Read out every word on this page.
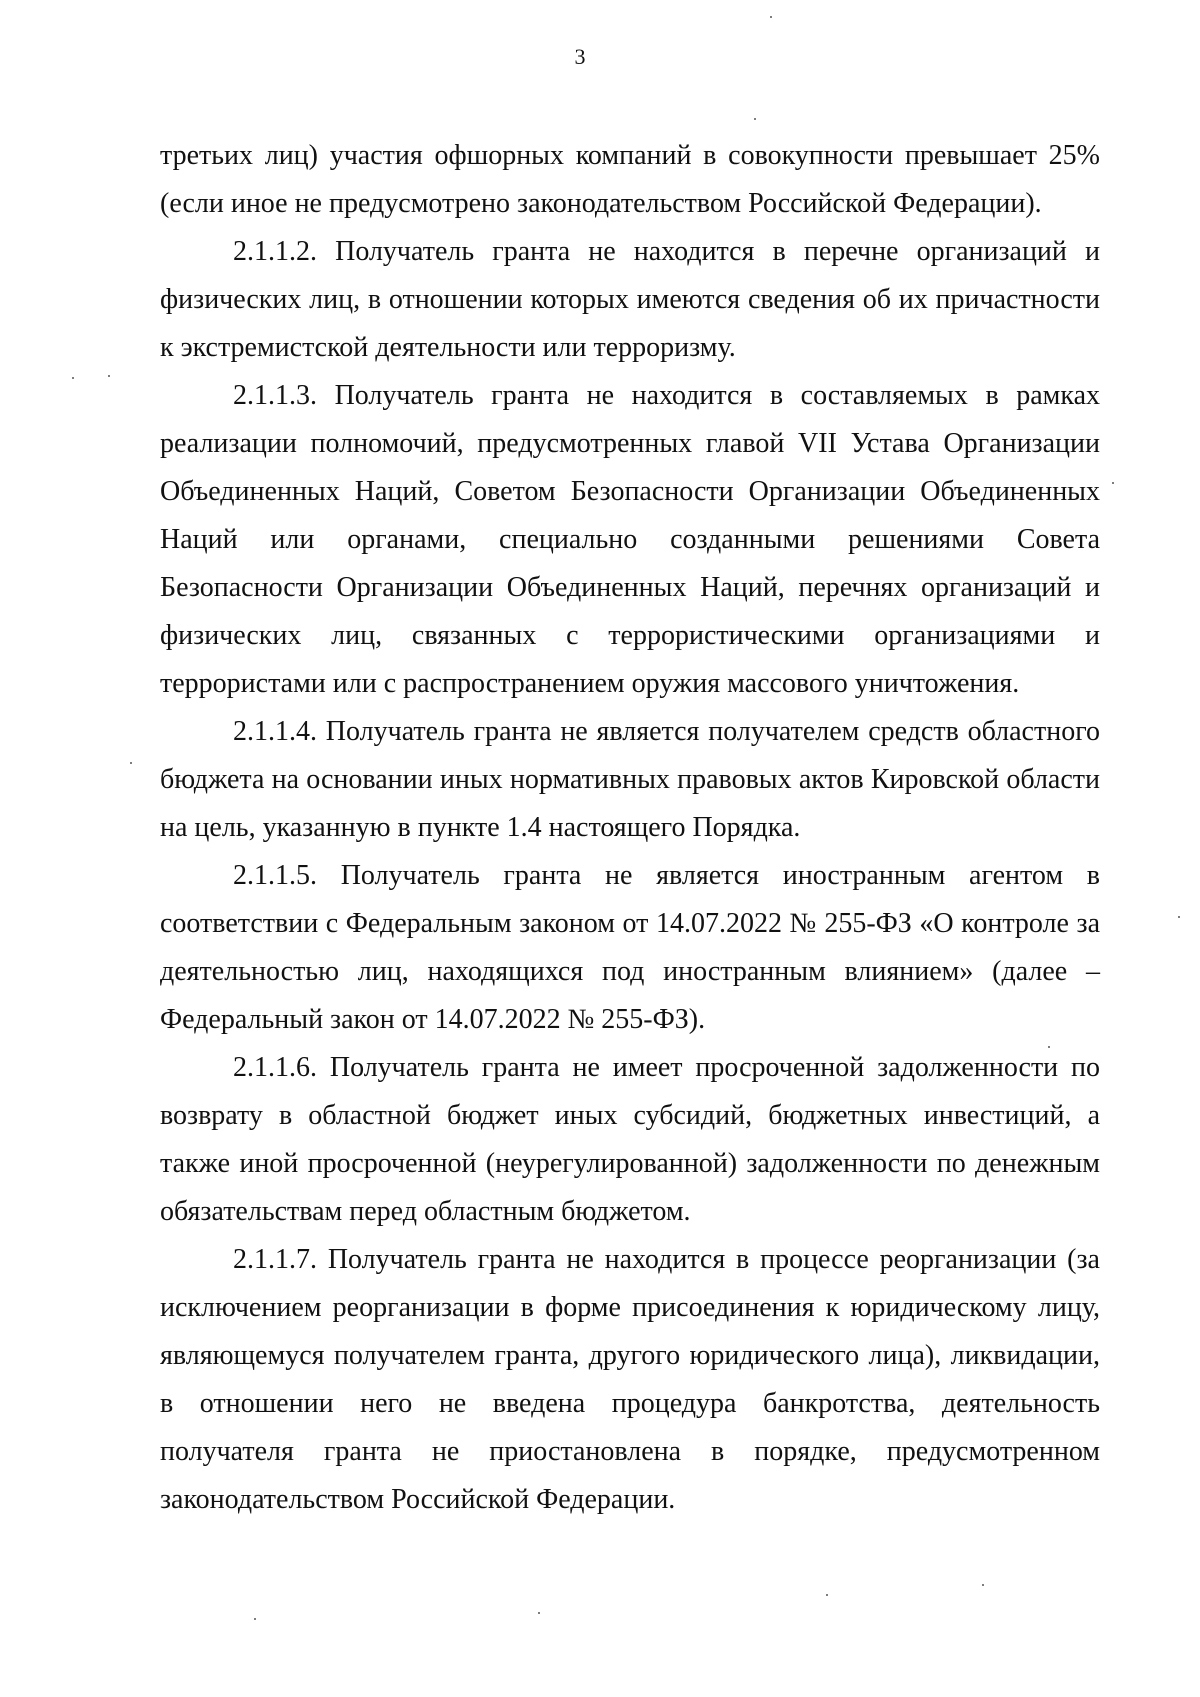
3

третьих лиц) участия офшорных компаний в совокупности превышает 25% (если иное не предусмотрено законодательством Российской Федерации).

2.1.1.2. Получатель гранта не находится в перечне организаций и физических лиц, в отношении которых имеются сведения об их причастности к экстремистской деятельности или терроризму.

2.1.1.3. Получатель гранта не находится в составляемых в рамках реализации полномочий, предусмотренных главой VII Устава Организации Объединенных Наций, Советом Безопасности Организации Объединенных Наций или органами, специально созданными решениями Совета Безопасности Организации Объединенных Наций, перечнях организаций и физических лиц, связанных с террористическими организациями и террористами или с распространением оружия массового уничтожения.

2.1.1.4. Получатель гранта не является получателем средств областного бюджета на основании иных нормативных правовых актов Кировской области на цель, указанную в пункте 1.4 настоящего Порядка.

2.1.1.5. Получатель гранта не является иностранным агентом в соответствии с Федеральным законом от 14.07.2022 № 255-ФЗ «О контроле за деятельностью лиц, находящихся под иностранным влиянием» (далее – Федеральный закон от 14.07.2022 № 255-ФЗ).

2.1.1.6. Получатель гранта не имеет просроченной задолженности по возврату в областной бюджет иных субсидий, бюджетных инвестиций, а также иной просроченной (неурегулированной) задолженности по денежным обязательствам перед областным бюджетом.

2.1.1.7. Получатель гранта не находится в процессе реорганизации (за исключением реорганизации в форме присоединения к юридическому лицу, являющемуся получателем гранта, другого юридического лица), ликвидации, в отношении него не введена процедура банкротства, деятельность получателя гранта не приостановлена в порядке, предусмотренном законодательством Российской Федерации.
